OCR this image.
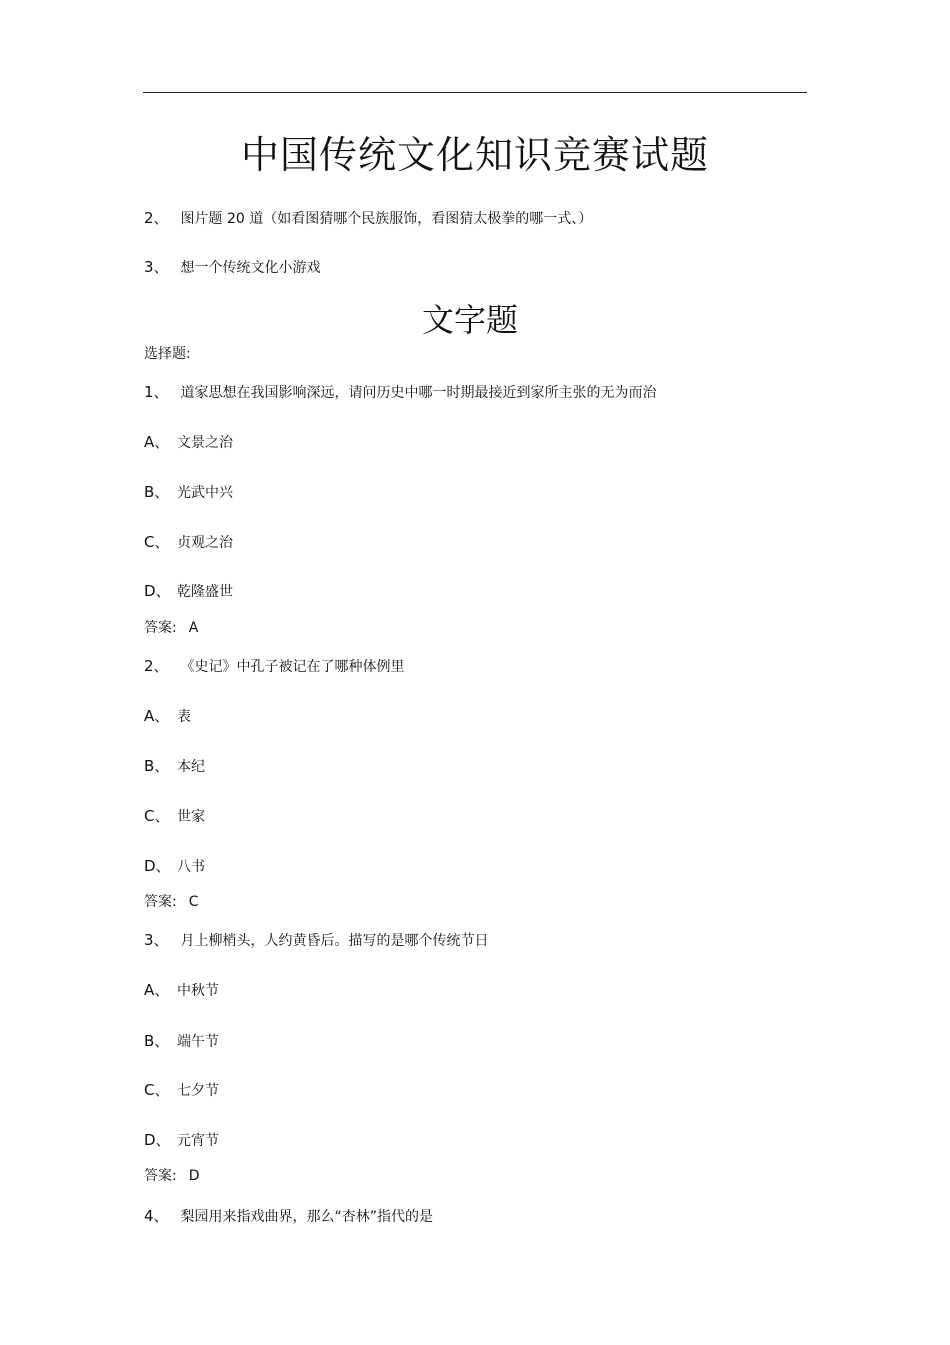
中国传统文化知识竞赛试题
2、 图片题 20 道（如看图猜哪个民族服饰，看图猜太极拳的哪一式、）
3、 想一个传统文化小游戏
文字题
选择题:
1、 道家思想在我国影响深远，请问历史中哪一时期最接近到家所主张的无为而治
A、 文景之治
B、 光武中兴
C、 贞观之治
D、 乾隆盛世
答案: A
2、 《史记》中孔子被记在了哪种体例里
A、 表
B、 本纪
C、 世家
D、 八书
答案: C
3、 月上柳梢头，人约黄昏后。描写的是哪个传统节日
A、 中秋节
B、 端午节
C、 七夕节
D、 元宵节
答案: D
4、 梨园用来指戏曲界，那么“杏林”指代的是
